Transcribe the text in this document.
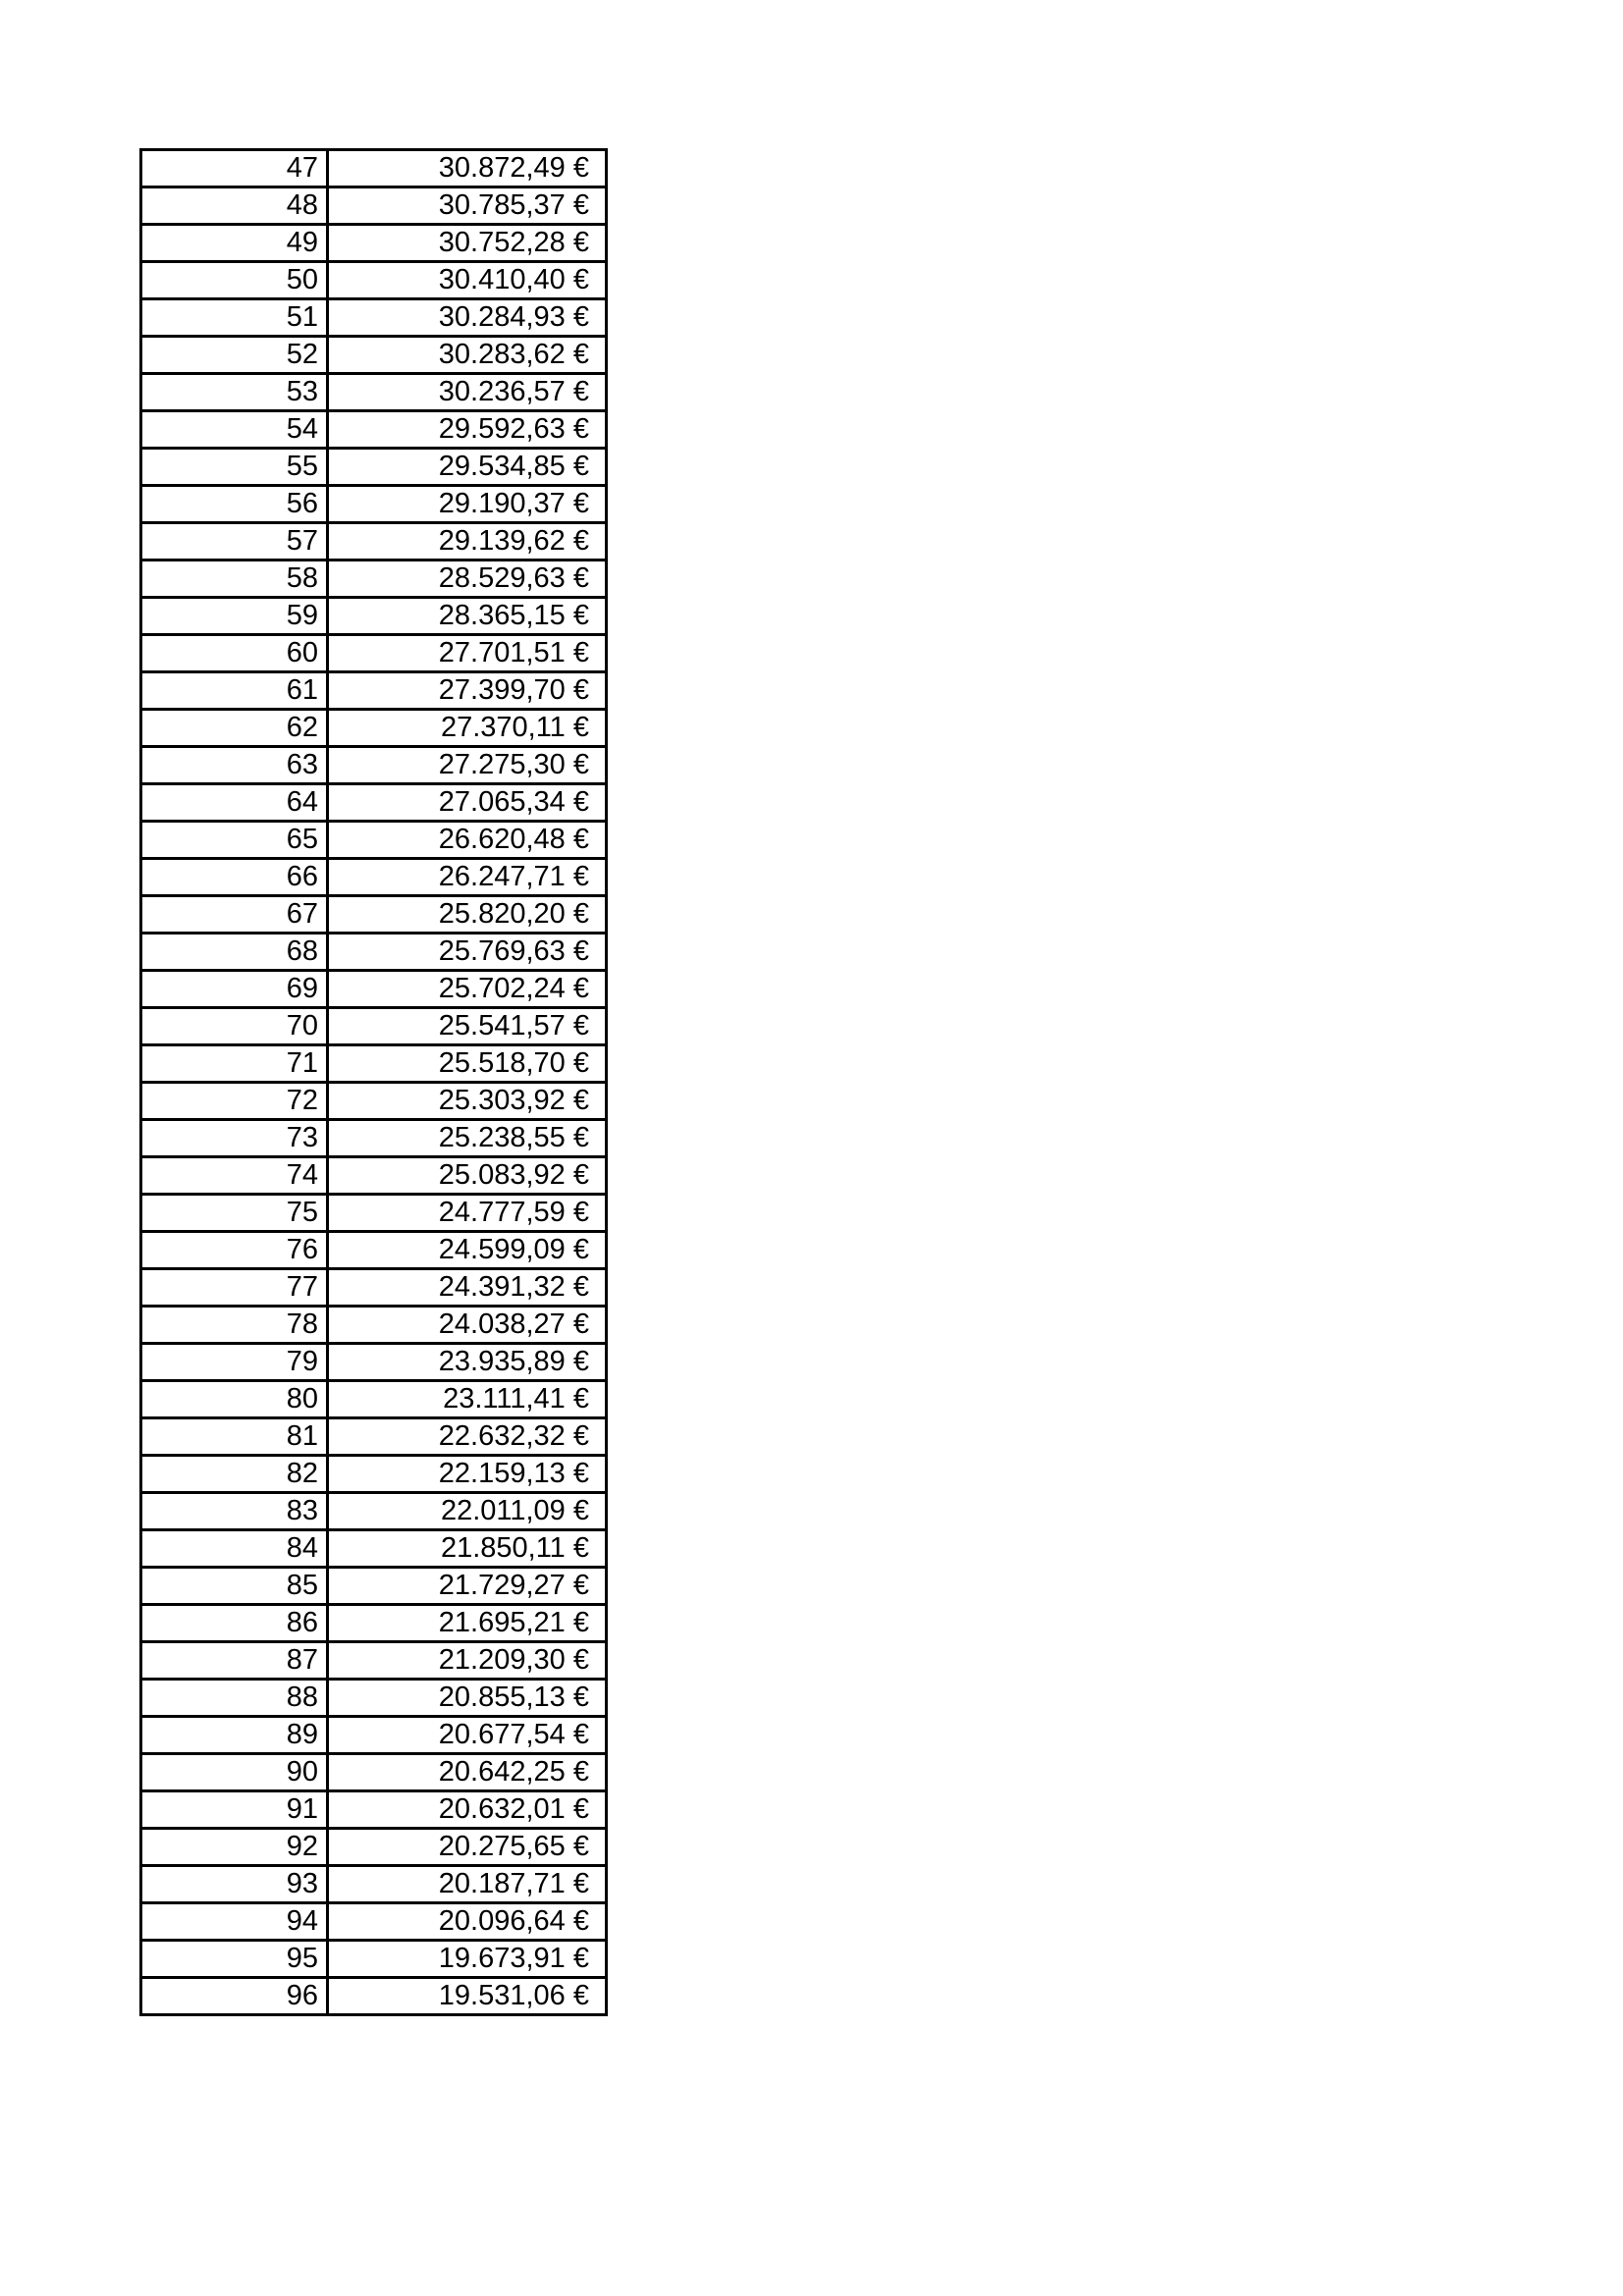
47	30.872,49 €
48	30.785,37 €
49	30.752,28 €
50	30.410,40 €
51	30.284,93 €
52	30.283,62 €
53	30.236,57 €
54	29.592,63 €
55	29.534,85 €
56	29.190,37 €
57	29.139,62 €
58	28.529,63 €
59	28.365,15 €
60	27.701,51 €
61	27.399,70 €
62	27.370,11 €
63	27.275,30 €
64	27.065,34 €
65	26.620,48 €
66	26.247,71 €
67	25.820,20 €
68	25.769,63 €
69	25.702,24 €
70	25.541,57 €
71	25.518,70 €
72	25.303,92 €
73	25.238,55 €
74	25.083,92 €
75	24.777,59 €
76	24.599,09 €
77	24.391,32 €
78	24.038,27 €
79	23.935,89 €
80	23.111,41 €
81	22.632,32 €
82	22.159,13 €
83	22.011,09 €
84	21.850,11 €
85	21.729,27 €
86	21.695,21 €
87	21.209,30 €
88	20.855,13 €
89	20.677,54 €
90	20.642,25 €
91	20.632,01 €
92	20.275,65 €
93	20.187,71 €
94	20.096,64 €
95	19.673,91 €
96	19.531,06 €
